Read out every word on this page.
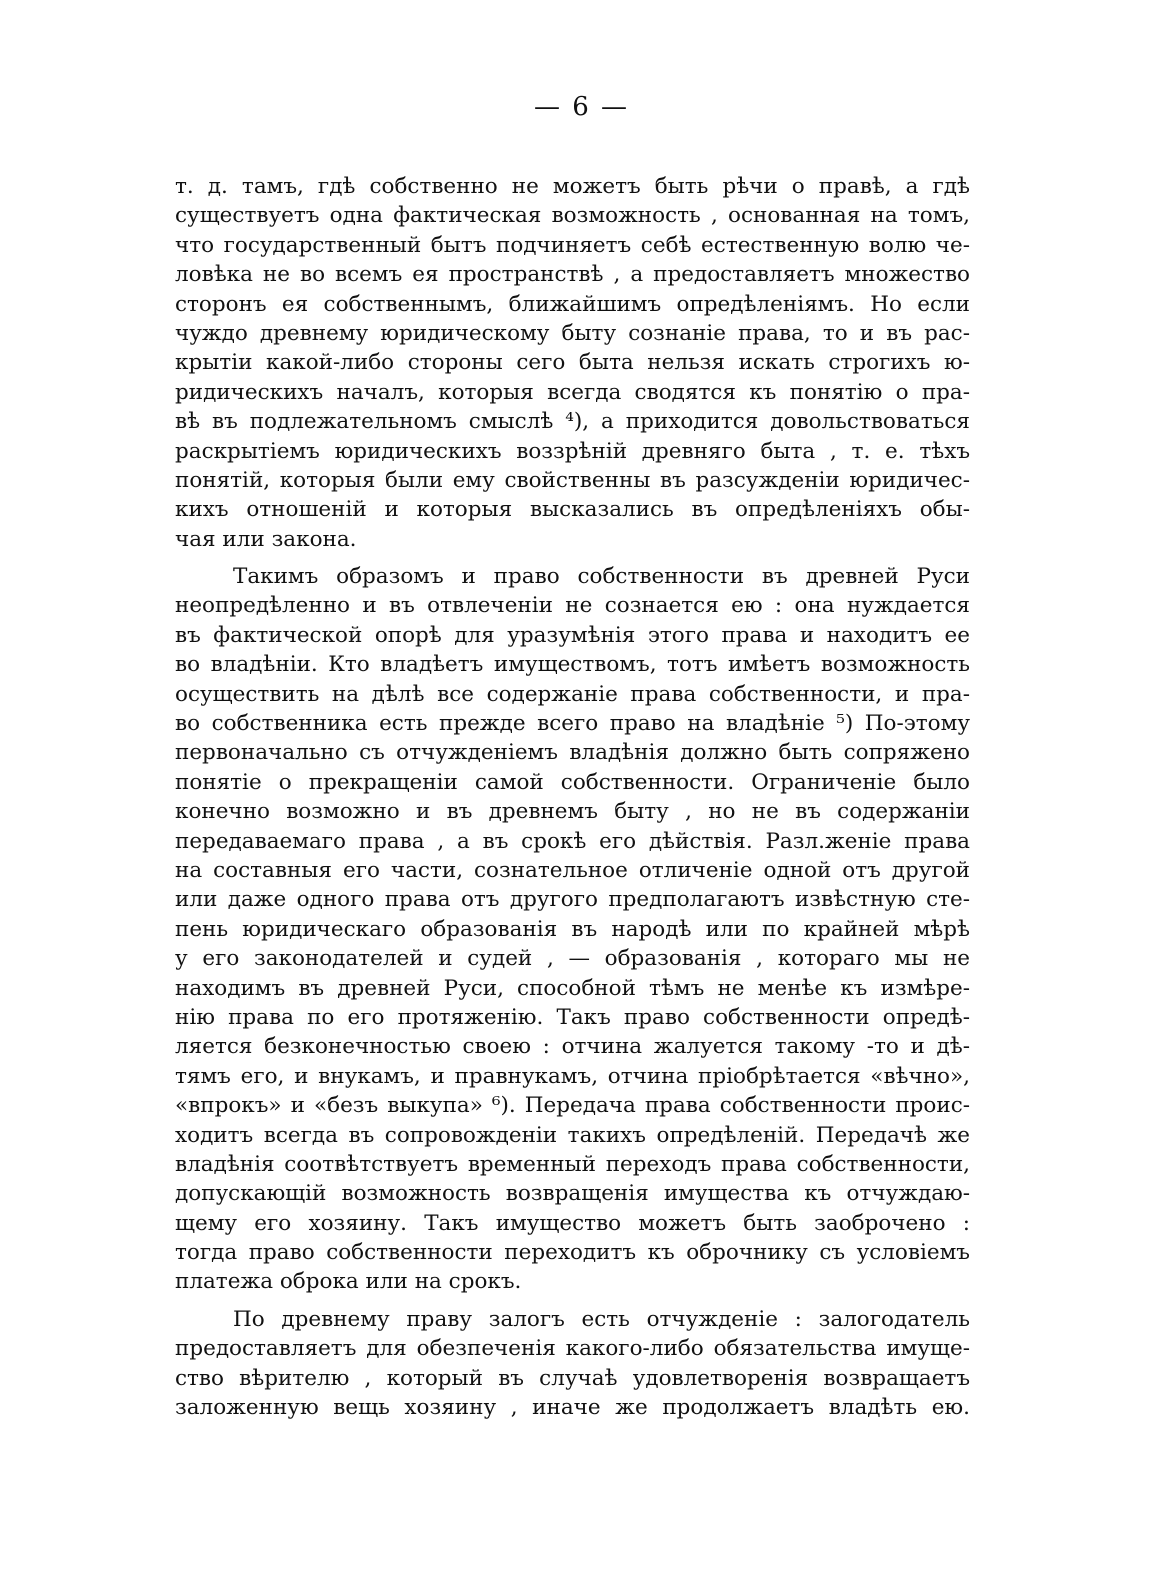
— 6 —
т. д. тамъ, гдѣ собственно не можетъ быть рѣчи о правѣ, а гдѣ
существуетъ одна фактическая возможность , основанная на томъ,
что государственный бытъ подчиняетъ себѣ естественную волю че-
ловѣка не во всемъ ея пространствѣ , а предоставляетъ множество
сторонъ ея собственнымъ, ближайшимъ опредѣленіямъ. Но если
чуждо древнему юридическому быту сознаніе права, то и въ рас-
крытіи какой-либо стороны сего быта нельзя искать строгихъ ю-
ридическихъ началъ, которыя всегда сводятся къ понятію о пра-
вѣ въ подлежательномъ смыслѣ ⁴), а приходится довольствоваться
раскрытіемъ юридическихъ воззрѣній древняго быта , т. е. тѣхъ
понятій, которыя были ему свойственны въ разсужденіи юридичес-
кихъ отношеній и которыя высказались въ опредѣленіяхъ обы-
чая или закона.
Такимъ образомъ и право собственности въ древней Руси
неопредѣленно и въ отвлеченіи не сознается ею : она нуждается
въ фактической опорѣ для уразумѣнія этого права и находитъ ее
во владѣніи. Кто владѣетъ имуществомъ, тотъ имѣетъ возможность
осуществить на дѣлѣ все содержаніе права собственности, и пра-
во собственника есть прежде всего право на владѣніе ⁵) По-этому
первоначально съ отчужденіемъ владѣнія должно быть сопряжено
понятіе о прекращеніи самой собственности. Ограниченіе было
конечно возможно и въ древнемъ быту , но не въ содержаніи
передаваемаго права , а въ срокѣ его дѣйствія. Разл.женіе права
на составныя его части, сознательное отличеніе одной отъ другой
или даже одного права отъ другого предполагаютъ извѣстную сте-
пень юридическаго образованія въ народѣ или по крайней мѣрѣ
у его законодателей и судей , — образованія , котораго мы не
находимъ въ древней Руси, способной тѣмъ не менѣе къ измѣре-
нію права по его протяженію. Такъ право собственности опредѣ-
ляется безконечностью своею : отчина жалуется такому -то и дѣ-
тямъ его, и внукамъ, и правнукамъ, отчина пріобрѣтается «вѣчно»,
«впрокъ» и «безъ выкупа» ⁶). Передача права собственности проис-
ходитъ всегда въ сопровожденіи такихъ опредѣленій. Передачѣ же
владѣнія соотвѣтствуетъ временный переходъ права собственности,
допускающій возможность возвращенія имущества къ отчуждаю-
щему его хозяину. Такъ имущество можетъ быть заоброчено :
тогда право собственности переходитъ къ оброчнику съ условіемъ
платежа оброка или на срокъ.
По древнему праву залогъ есть отчужденіе : залогодатель
предоставляетъ для обезпеченія какого-либо обязательства имущe-
ство вѣрителю , который въ случаѣ удовлетворенія возвращаетъ
заложенную вещь хозяину , иначе же продолжаетъ владѣть ею.
